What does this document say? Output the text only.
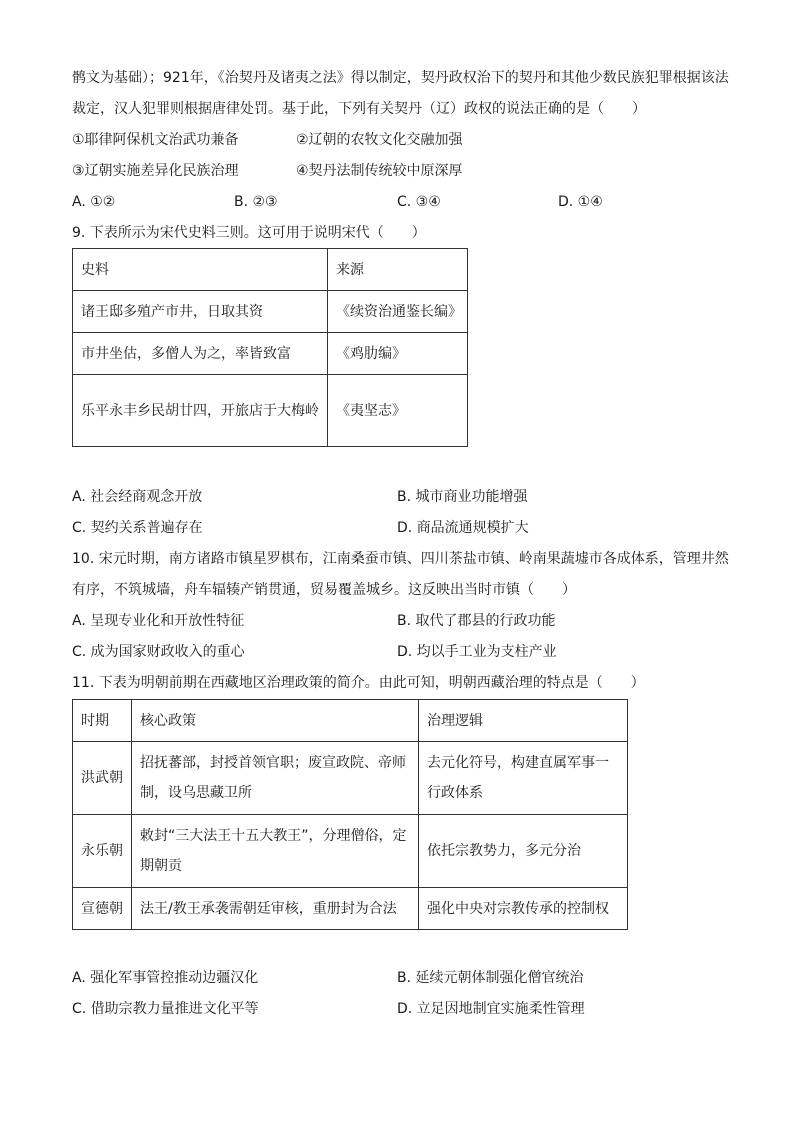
鹘文为基础）；921年，《治契丹及诸夷之法》得以制定，契丹政权治下的契丹和其他少数民族犯罪根据该法
裁定，汉人犯罪则根据唐律处罚。基于此，下列有关契丹（辽）政权的说法正确的是（　　）
①耶律阿保机文治武功兼备	②辽朝的农牧文化交融加强
③辽朝实施差异化民族治理	④契丹法制传统较中原深厚
A. ①②	B. ②③	C. ③④	D. ①④
9. 下表所示为宋代史料三则。这可用于说明宋代（　　）
史料	来源
诸王邸多殖产市井，日取其资	《续资治通鉴长编》
市井坐估，多僧人为之，率皆致富	《鸡肋编》
乐平永丰乡民胡廿四，开旅店于大梅岭	《夷坚志》
A. 社会经商观念开放	B. 城市商业功能增强
C. 契约关系普遍存在	D. 商品流通规模扩大
10. 宋元时期，南方诸路市镇星罗棋布，江南桑蚕市镇、四川茶盐市镇、岭南果蔬墟市各成体系，管理井然
有序，不筑城墙，舟车辐辏产销贯通，贸易覆盖城乡。这反映出当时市镇（　　）
A. 呈现专业化和开放性特征	B. 取代了郡县的行政功能
C. 成为国家财政收入的重心	D. 均以手工业为支柱产业
11. 下表为明朝前期在西藏地区治理政策的简介。由此可知，明朝西藏治理的特点是（　　）
时期	核心政策	治理逻辑
洪武朝	招抚蕃部，封授首领官职；废宣政院、帝师制，设乌思藏卫所	去元化符号，构建直属军事一行政体系
永乐朝	敕封“三大法王十五大教王”，分理僧俗，定期朝贡	依托宗教势力，多元分治
宣德朝	法王/教王承袭需朝廷审核，重册封为合法	强化中央对宗教传承的控制权
A. 强化军事管控推动边疆汉化	B. 延续元朝体制强化僧官统治
C. 借助宗教力量推进文化平等	D. 立足因地制宜实施柔性管理
